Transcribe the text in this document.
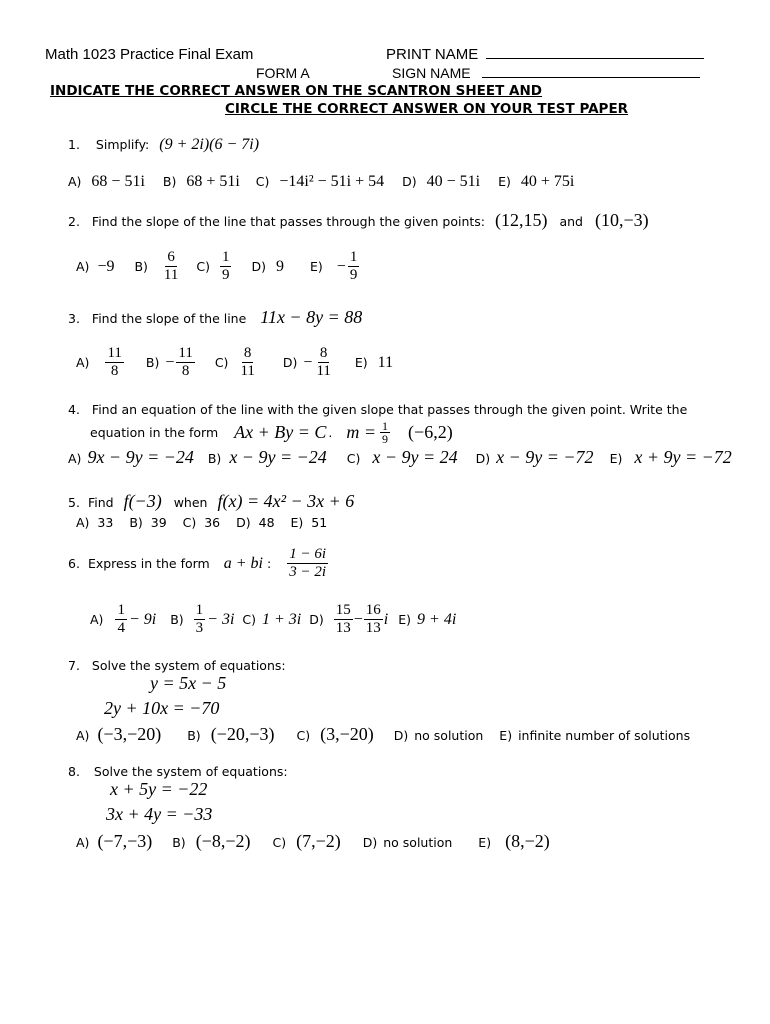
Math 1023 Practice Final Exam	PRINT NAME
FORM A	SIGN NAME
INDICATE THE CORRECT ANSWER ON THE SCANTRON SHEET AND
CIRCLE THE CORRECT ANSWER ON YOUR TEST PAPER
1. Simplify: (9 + 2i)(6 − 7i)
A) 68 − 51i B) 68 + 51i C) −14i² − 51i + 54 D) 40 − 51i E) 40 + 75i
2. Find the slope of the line that passes through the given points: (12,15) and (10,−3)
A) −9 $B) \frac{6}{11} C) \frac{1}{9} D$) 9 $E) - \frac{1}{9}$
3. Find the slope of the line 11x − 8y = 88
$A) \frac{11}{8} B) - \frac{11}{8} C) \frac{8}{11} D) - \frac{8}{11} E$) 11
4. Find an equation of the line with the given slope that passes through the given point. Write the
equation in the form Ax + By = C . $m = \frac{1}{9} (-6,2)$
A) 9x − 9y = −24 B) x − 9y = −24 C) x − 9y = 24 D) x − 9y = −72 E) x + 9y = −72
5. Find f(−3) when f(x) = 4x² − 3x + 6
A) 33 B) 39 C) 36 D) 48 E) 51
6. Express in the form a + bi : $\frac{1 - 6i}{3 - 2i}$
$A) \frac{1}{4} - 9i$ $B) \frac{1}{3} - 3i$ C) 1 + 3i $D) \frac{15}{13} - \frac{16}{13}$ i E) 9 + 4i
7. Solve the system of equations:
y = 5x − 5
2y + 10x = −70
A) (−3,−20) B) (−20,−3) C) (3,−20) D) no solution E) infinite number of solutions
8. Solve the system of equations:
x + 5y = −22
3x + 4y = −33
A) (−7,−3) B) (−8,−2) C) (7,−2) D) no solution E) (8,−2)
